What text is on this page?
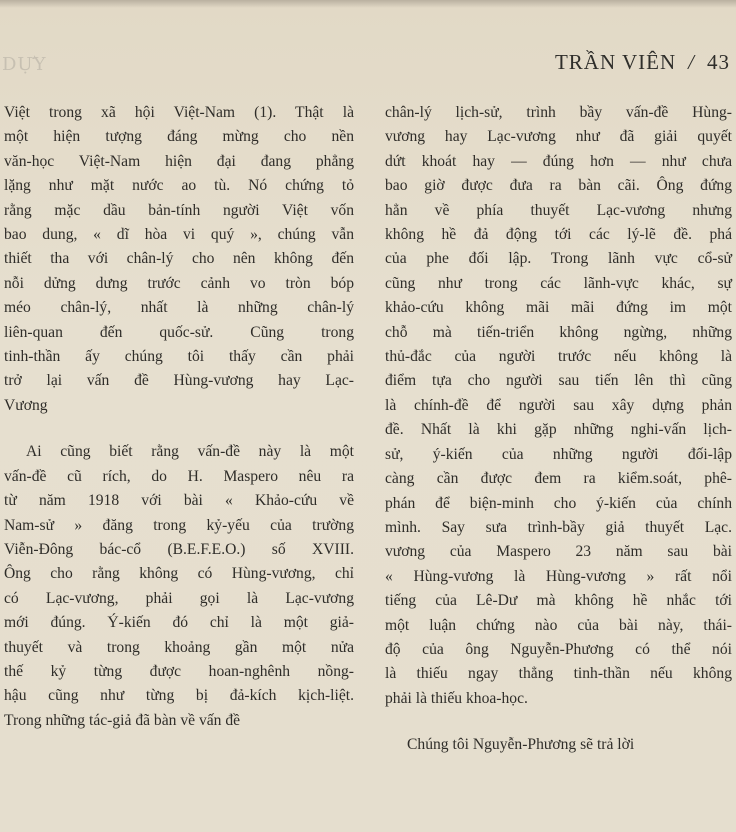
DỰY	TRẦN VIÊN / 43

Việt trong xã hội Việt-Nam (1). Thật là
một hiện tượng đáng mừng cho nền
văn-học Việt-Nam hiện đại đang phẳng
lặng như mặt nước ao tù. Nó chứng tỏ
rằng mặc dầu bản-tính người Việt vốn
bao dung, « dĩ hòa vi quý », chúng vẫn
thiết tha với chân-lý cho nên không đến
nỗi dửng dưng trước cảnh vo tròn bóp
méo chân-lý, nhất là những chân-lý
liên-quan đến quốc-sử. Cũng trong
tinh-thần ấy chúng tôi thấy cần phải
trở lại vấn đề Hùng-vương hay Lạc-
Vương

Ai cũng biết rằng vấn-đề này là một
vấn-đề cũ rích, do H. Maspero nêu ra
từ năm 1918 với bài « Khảo-cứu về
Nam-sử » đăng trong kỷ-yếu của trường
Viễn-Đông bác-cổ (B.E.F.E.O.) số XVIII.
Ông cho rằng không có Hùng-vương, chỉ
có Lạc-vương, phải gọi là Lạc-vương
mới đúng. Ý-kiến đó chỉ là một giả-
thuyết và trong khoảng gần một nửa
thế kỷ từng được hoan-nghênh nồng-
hậu cũng như từng bị đả-kích kịch-liệt.
Trong những tác-giả đã bàn về vấn đề

chân-lý lịch-sử, trình bầy vấn-đề Hùng-
vương hay Lạc-vương như đã giải quyết
dứt khoát hay — đúng hơn — như chưa
bao giờ được đưa ra bàn cãi. Ông đứng
hẳn về phía thuyết Lạc-vương nhưng
không hề đả động tới các lý-lẽ đề. phá
của phe đối lập. Trong lãnh vực cổ-sử
cũng như trong các lãnh-vực khác, sự
khảo-cứu không mãi mãi đứng im một
chỗ mà tiến-triển không ngừng, những
thủ-đắc của người trước nếu không là
điểm tựa cho người sau tiến lên thì cũng
là chính-đề để người sau xây dựng phản
đề. Nhất là khi gặp những nghi-vấn lịch-
sử, ý-kiến của những người đối-lập
càng cần được đem ra kiểm.soát, phê-
phán để biện-minh cho ý-kiến của chính
mình. Say sưa trình-bầy giả thuyết Lạc.
vương của Maspero 23 năm sau bài
« Hùng-vương là Hùng-vương » rất nổi
tiếng của Lê-Dư mà không hề nhắc tới
một luận chứng nào của bài này, thái-
độ của ông Nguyễn-Phương có thể nói
là thiếu ngay thẳng tinh-thần nếu không
phải là thiếu khoa-học.

Chúng tôi Nguyễn-Phương sẽ trả lời
